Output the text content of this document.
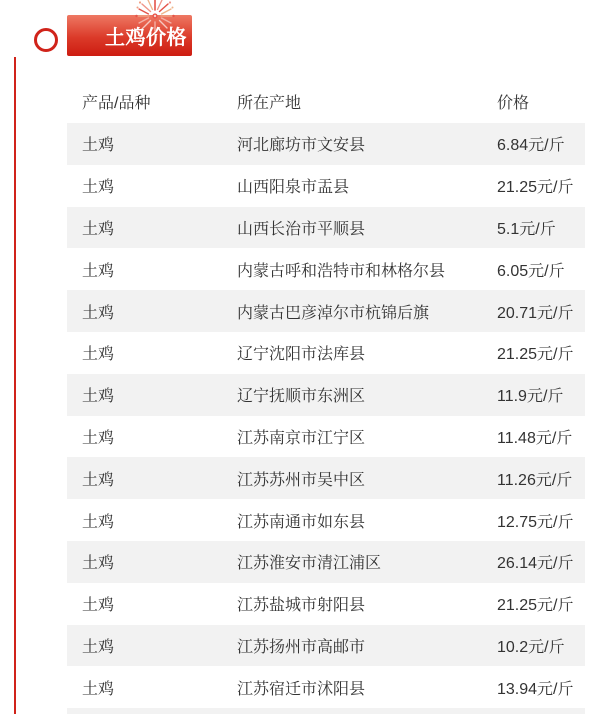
土鸡价格
产品/品种	所在产地	价格
土鸡	河北廊坊市文安县	6.84元/斤
土鸡	山西阳泉市盂县	21.25元/斤
土鸡	山西长治市平顺县	5.1元/斤
土鸡	内蒙古呼和浩特市和林格尔县	6.05元/斤
土鸡	内蒙古巴彦淖尔市杭锦后旗	20.71元/斤
土鸡	辽宁沈阳市法库县	21.25元/斤
土鸡	辽宁抚顺市东洲区	11.9元/斤
土鸡	江苏南京市江宁区	11.48元/斤
土鸡	江苏苏州市吴中区	11.26元/斤
土鸡	江苏南通市如东县	12.75元/斤
土鸡	江苏淮安市清江浦区	26.14元/斤
土鸡	江苏盐城市射阳县	21.25元/斤
土鸡	江苏扬州市高邮市	10.2元/斤
土鸡	江苏宿迁市沭阳县	13.94元/斤
